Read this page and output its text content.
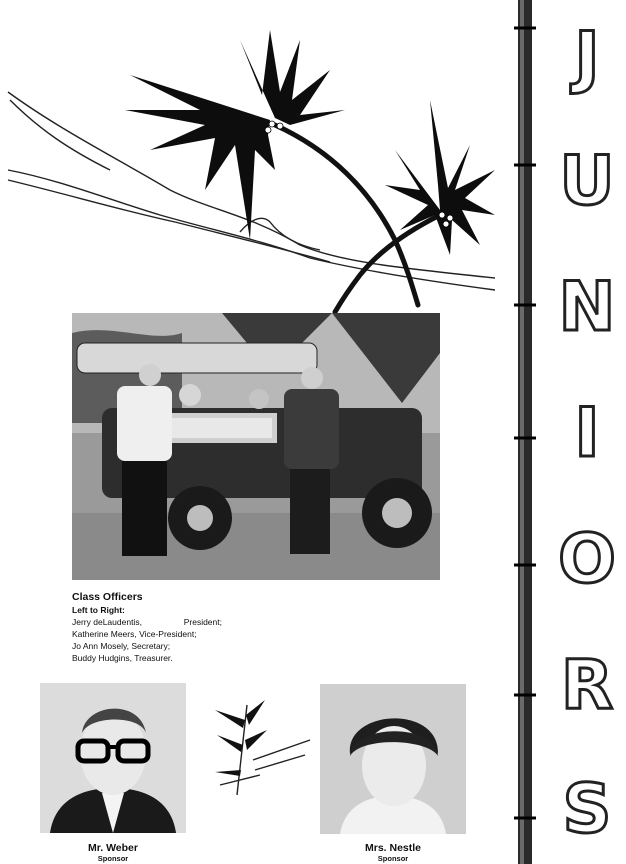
J
U
N
I
O
R
S
Class Officers
Left to Right:
Jerry deLaudentis,	President;
Katherine Meers, Vice-President;
Jo Ann Mosely, Secretary;
Buddy Hudgins, Treasurer.
Mr. Weber
Sponsor
Mrs. Nestle
Sponsor
